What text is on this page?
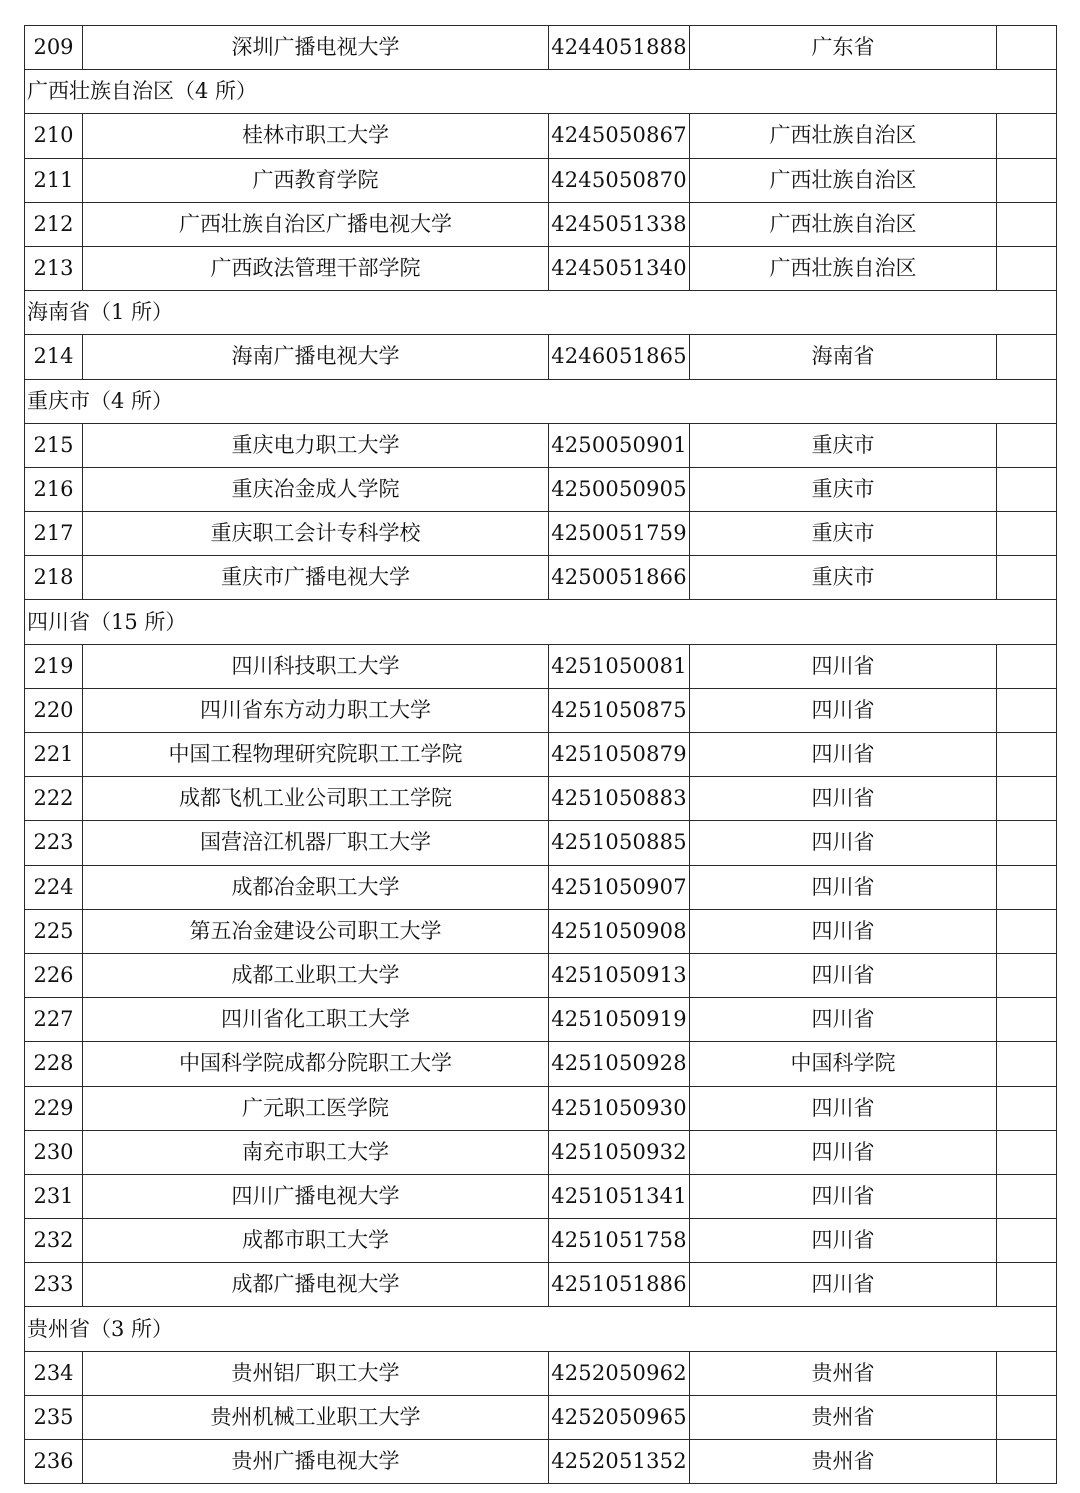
209	深圳广播电视大学	4244051888	广东省	
广西壮族自治区（4 所）				
210	桂林市职工大学	4245050867	广西壮族自治区	
211	广西教育学院	4245050870	广西壮族自治区	
212	广西壮族自治区广播电视大学	4245051338	广西壮族自治区	
213	广西政法管理干部学院	4245051340	广西壮族自治区	
海南省（1 所）				
214	海南广播电视大学	4246051865	海南省	
重庆市（4 所）				
215	重庆电力职工大学	4250050901	重庆市	
216	重庆冶金成人学院	4250050905	重庆市	
217	重庆职工会计专科学校	4250051759	重庆市	
218	重庆市广播电视大学	4250051866	重庆市	
四川省（15 所）				
219	四川科技职工大学	4251050081	四川省	
220	四川省东方动力职工大学	4251050875	四川省	
221	中国工程物理研究院职工工学院	4251050879	四川省	
222	成都飞机工业公司职工工学院	4251050883	四川省	
223	国营涪江机器厂职工大学	4251050885	四川省	
224	成都冶金职工大学	4251050907	四川省	
225	第五冶金建设公司职工大学	4251050908	四川省	
226	成都工业职工大学	4251050913	四川省	
227	四川省化工职工大学	4251050919	四川省	
228	中国科学院成都分院职工大学	4251050928	中国科学院	
229	广元职工医学院	4251050930	四川省	
230	南充市职工大学	4251050932	四川省	
231	四川广播电视大学	4251051341	四川省	
232	成都市职工大学	4251051758	四川省	
233	成都广播电视大学	4251051886	四川省	
贵州省（3 所）				
234	贵州铝厂职工大学	4252050962	贵州省	
235	贵州机械工业职工大学	4252050965	贵州省	
236	贵州广播电视大学	4252051352	贵州省	
